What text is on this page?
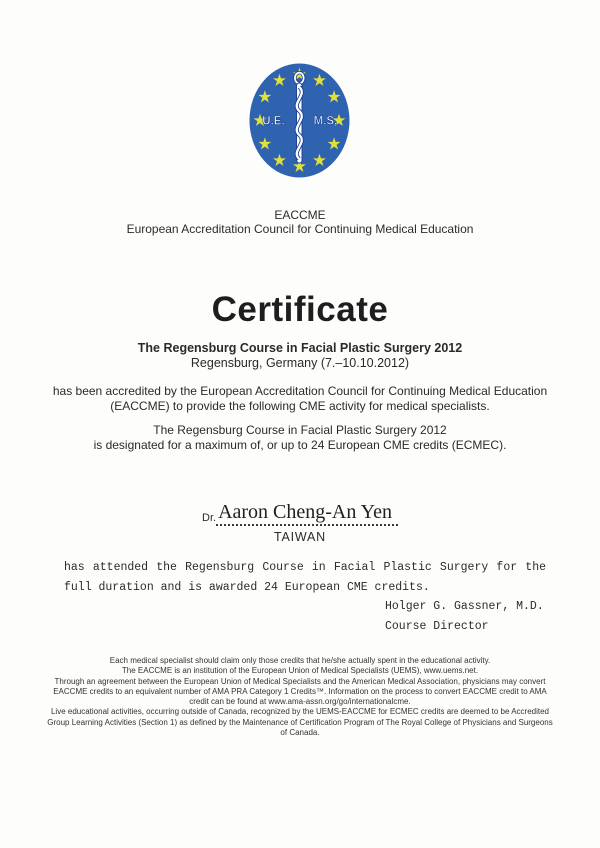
U.E.	M.S.
EACCME
European Accreditation Council for Continuing Medical Education
Certificate
The Regensburg Course in Facial Plastic Surgery 2012
Regensburg, Germany (7.–10.10.2012)
has been accredited by the European Accreditation Council for Continuing Medical Education
(EACCME) to provide the following CME activity for medical specialists.
The Regensburg Course in Facial Plastic Surgery 2012
is designated for a maximum of, or up to 24 European CME credits (ECMEC).
Dr. Aaron Cheng-An Yen
TAIWAN
has attended the Regensburg Course in Facial Plastic Surgery for the
full duration and is awarded 24 European CME credits.
Holger G. Gassner, M.D.
Course Director
Each medical specialist should claim only those credits that he/she actually spent in the educational activity.
The EACCME is an institution of the European Union of Medical Specialists (UEMS), www.uems.net.
Through an agreement between the European Union of Medical Specialists and the American Medical Association, physicians may convert
EACCME credits to an equivalent number of AMA PRA Category 1 Credits™. Information on the process to convert EACCME credit to AMA
credit can be found at www.ama-assn.org/go/internationalcme.
Live educational activities, occurring outside of Canada, recognized by the UEMS-EACCME for ECMEC credits are deemed to be Accredited
Group Learning Activities (Section 1) as defined by the Maintenance of Certification Program of The Royal College of Physicians and Surgeons
of Canada.
